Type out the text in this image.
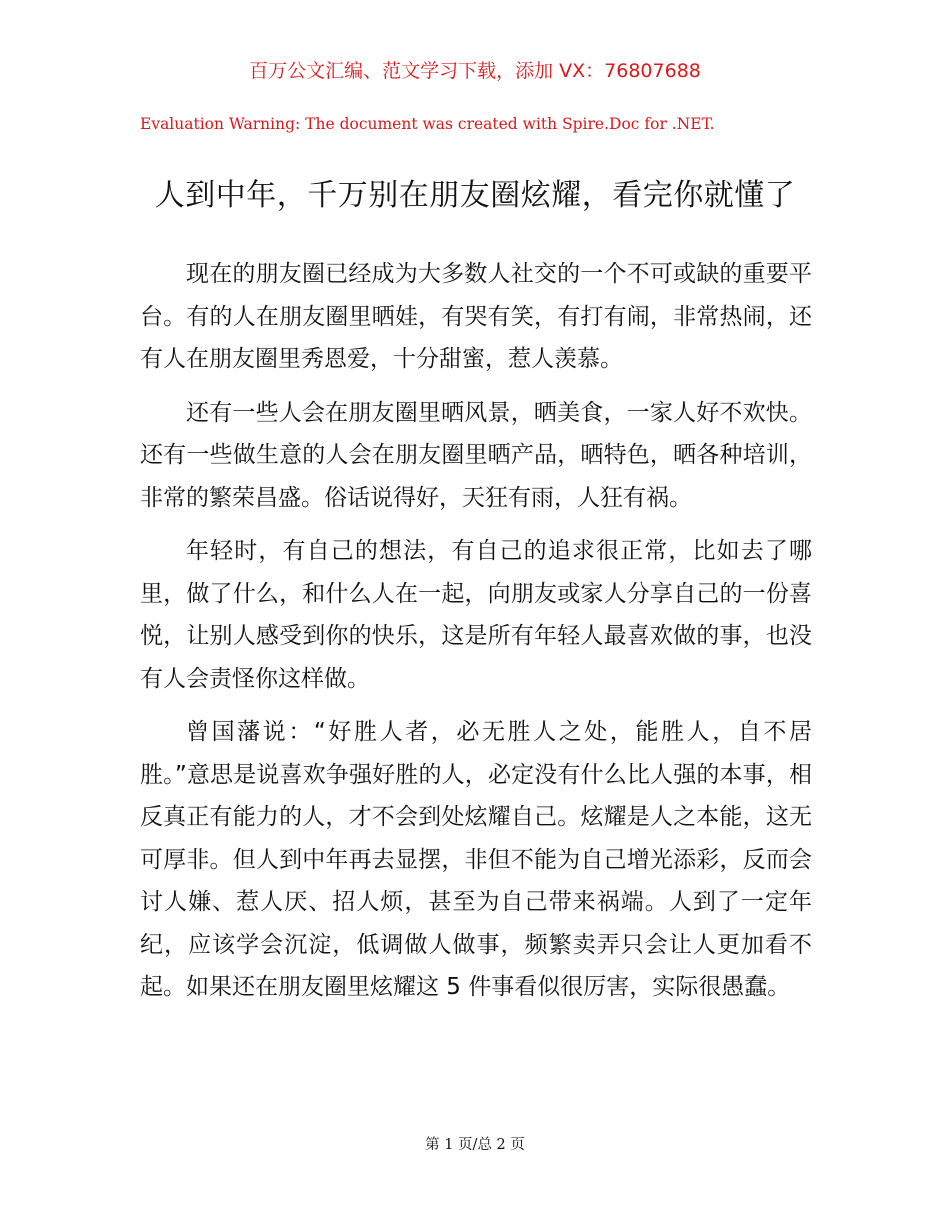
百万公文汇编、范文学习下载，添加 VX：76807688
Evaluation Warning: The document was created with Spire.Doc for .NET.
人到中年，千万别在朋友圈炫耀，看完你就懂了

现在的朋友圈已经成为大多数人社交的一个不可或缺的重要平台。有的人在朋友圈里晒娃，有哭有笑，有打有闹，非常热闹，还有人在朋友圈里秀恩爱，十分甜蜜，惹人羡慕。

还有一些人会在朋友圈里晒风景，晒美食，一家人好不欢快。还有一些做生意的人会在朋友圈里晒产品，晒特色，晒各种培训，非常的繁荣昌盛。俗话说得好，天狂有雨，人狂有祸。

年轻时，有自己的想法，有自己的追求很正常，比如去了哪里，做了什么，和什么人在一起，向朋友或家人分享自己的一份喜悦，让别人感受到你的快乐，这是所有年轻人最喜欢做的事，也没有人会责怪你这样做。

曾国藩说：“好胜人者，必无胜人之处，能胜人，自不居胜。”意思是说喜欢争强好胜的人，必定没有什么比人强的本事，相反真正有能力的人，才不会到处炫耀自己。炫耀是人之本能，这无可厚非。但人到中年再去显摆，非但不能为自己增光添彩，反而会讨人嫌、惹人厌、招人烦，甚至为自己带来祸端。人到了一定年纪，应该学会沉淀，低调做人做事，频繁卖弄只会让人更加看不起。如果还在朋友圈里炫耀这 5 件事看似很厉害，实际很愚蠢。

第 1 页/总 2 页
